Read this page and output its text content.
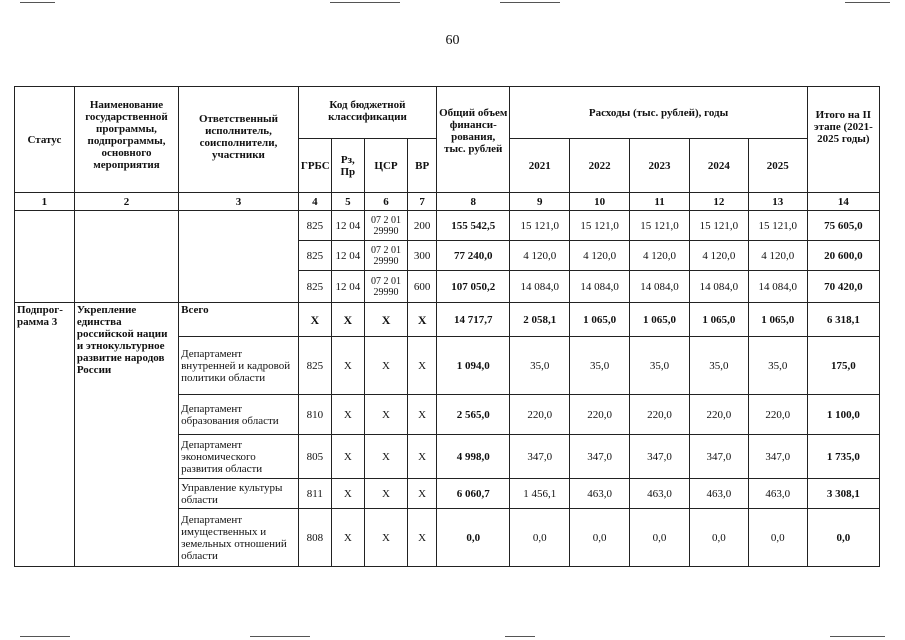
60
Статус	Наименование государственной программы, подпрограммы, основного мероприятия	Ответственный исполнитель, соисполнители, участники	Код бюджетной классификации				Общий объем финанси-рования, тыс. рублей	Расходы (тыс. рублей), годы					Итого на II этапе (2021-2025 годы)
			ГРБС	Рз, Пр	ЦСР	ВР		2021	2022	2023	2024	2025	
1	2	3	4	5	6	7	8	9	10	11	12	13	14
			825	12 04	07 2 01 29990	200	155 542,5	15 121,0	15 121,0	15 121,0	15 121,0	15 121,0	75 605,0
			825	12 04	07 2 01 29990	300	77 240,0	4 120,0	4 120,0	4 120,0	4 120,0	4 120,0	20 600,0
			825	12 04	07 2 01 29990	600	107 050,2	14 084,0	14 084,0	14 084,0	14 084,0	14 084,0	70 420,0
Подпрог-рамма 3	Укрепление единства российской нации и этнокультурное развитие народов России	Всего	Х	Х	Х	Х	14 717,7	2 058,1	1 065,0	1 065,0	1 065,0	1 065,0	6 318,1
		Департамент внутренней и кадровой политики области	825	Х	Х	Х	1 094,0	35,0	35,0	35,0	35,0	35,0	175,0
		Департамент образования области	810	Х	Х	Х	2 565,0	220,0	220,0	220,0	220,0	220,0	1 100,0
		Департамент экономического развития области	805	Х	Х	Х	4 998,0	347,0	347,0	347,0	347,0	347,0	1 735,0
		Управление культуры области	811	Х	Х	Х	6 060,7	1 456,1	463,0	463,0	463,0	463,0	3 308,1
		Департамент имущественных и земельных отношений области	808	Х	Х	Х	0,0	0,0	0,0	0,0	0,0	0,0	0,0
